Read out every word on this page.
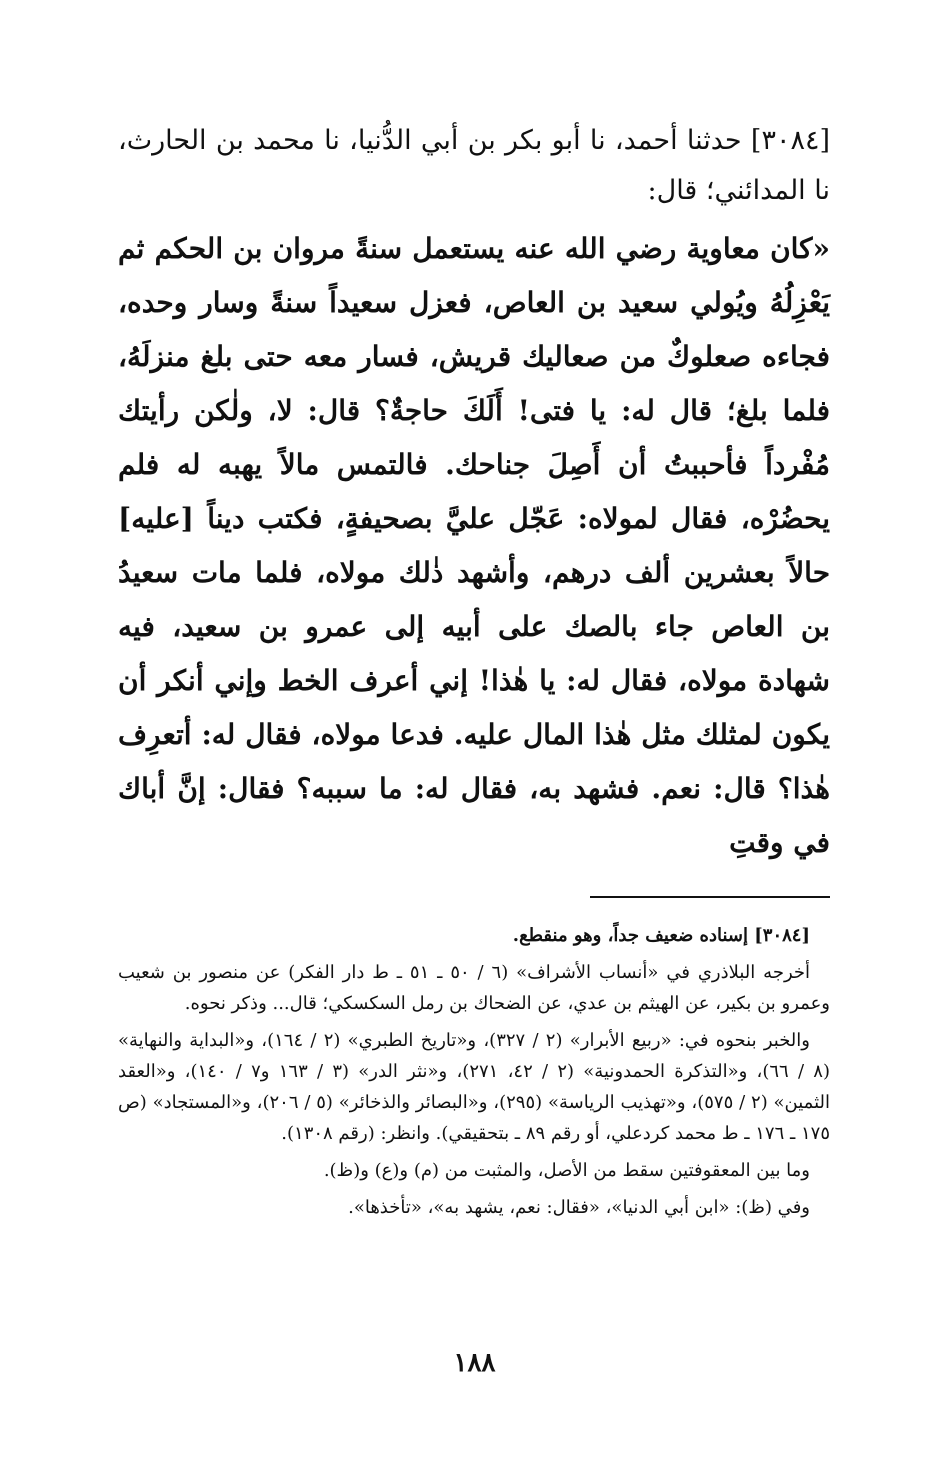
[٣٠٨٤] حدثنا أحمد، نا أبو بكر بن أبي الدُّنيا، نا محمد بن الحارث، نا المدائني؛ قال:

«كان معاوية رضي الله عنه يستعمل سنةً مروان بن الحكم ثم يَعْزِلُهُ ويُولي سعيد بن العاص، فعزل سعيداً سنةً وسار وحده، فجاءه صعلوكٌ من صعاليك قريش، فسار معه حتى بلغ منزلَهُ، فلما بلغ؛ قال له: يا فتى! أَلَكَ حاجةٌ؟ قال: لا، ولٰكن رأيتك مُفْرداً فأحببتُ أن أَصِلَ جناحك. فالتمس مالاً يهبه له فلم يحضُرْه، فقال لمولاه: عَجّل عليَّ بصحيفةٍ، فكتب ديناً [عليه] حالاً بعشرين ألف درهم، وأشهد ذٰلك مولاه، فلما مات سعيدُ بن العاص جاء بالصك على أبيه إلى عمرو بن سعيد، فيه شهادة مولاه، فقال له: يا هٰذا! إني أعرف الخط وإني أنكر أن يكون لمثلك مثل هٰذا المال عليه. فدعا مولاه، فقال له: أتعرِف هٰذا؟ قال: نعم. فشهد به، فقال له: ما سببه؟ فقال: إنَّ أباك في وقتِ

[٣٠٨٤] إسناده ضعيف جداً، وهو منقطع.

أخرجه البلاذري في «أنساب الأشراف» (٦ / ٥٠ ـ ٥١ ـ ط دار الفكر) عن منصور بن شعيب وعمرو بن بكير، عن الهيثم بن عدي، عن الضحاك بن رمل السكسكي؛ قال... وذكر نحوه.

والخبر بنحوه في: «ربيع الأبرار» (٢ / ٣٢٧)، و«تاريخ الطبري» (٢ / ١٦٤)، و«البداية والنهاية» (٨ / ٦٦)، و«التذكرة الحمدونية» (٢ / ٤٢، ٢٧١)، و«نثر الدر» (٣ / ١٦٣ و٧ / ١٤٠)، و«العقد الثمين» (٢ / ٥٧٥)، و«تهذيب الرياسة» (٢٩٥)، و«البصائر والذخائر» (٥ / ٢٠٦)، و«المستجاد» (ص ١٧٥ ـ ١٧٦ ـ ط محمد كردعلي، أو رقم ٨٩ ـ بتحقيقي). وانظر: (رقم ١٣٠٨).

وما بين المعقوفتين سقط من الأصل، والمثبت من (م) و(ع) و(ظ).

وفي (ظ): «ابن أبي الدنيا»، «فقال: نعم، يشهد به»، «تأخذها».

١٨٨
